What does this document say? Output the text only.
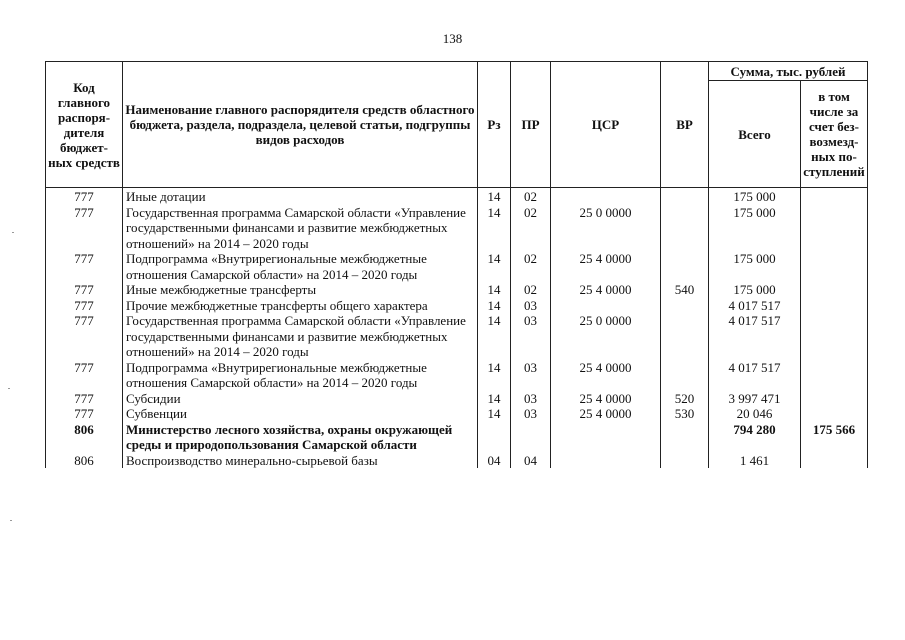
138
Код главного распоря-дителя бюджет-ных средств	Наименование главного распорядителя средств областного бюджета, раздела, подраздела, целевой статьи, подгруппы видов расходов	Рз	ПР	ЦСР	ВР	Сумма, тыс. рублей	
						Всего	в том числе за счет без-возмезд-ных по-ступлений
777	Иные дотации	14	02			175 000	
777	Государственная программа Самарской области «Управление государственными финансами и развитие межбюджетных отношений» на 2014 – 2020 годы	14	02	25 0 0000		175 000	
777	Подпрограмма «Внутрирегиональные межбюджетные отношения Самарской области» на 2014 – 2020 годы	14	02	25 4 0000		175 000	
777	Иные межбюджетные трансферты	14	02	25 4 0000	540	175 000	
777	Прочие межбюджетные трансферты общего характера	14	03			4 017 517	
777	Государственная программа Самарской области «Управление государственными финансами и развитие межбюджетных отношений» на 2014 – 2020 годы	14	03	25 0 0000		4 017 517	
777	Подпрограмма «Внутрирегиональные межбюджетные отношения Самарской области» на 2014 – 2020 годы	14	03	25 4 0000		4 017 517	
777	Субсидии	14	03	25 4 0000	520	3 997 471	
777	Субвенции	14	03	25 4 0000	530	20 046	
806	Министерство лесного хозяйства, охраны окружающей среды и природопользования Самарской области					794 280	175 566
806	Воспроизводство минерально-сырьевой базы	04	04			1 461	
